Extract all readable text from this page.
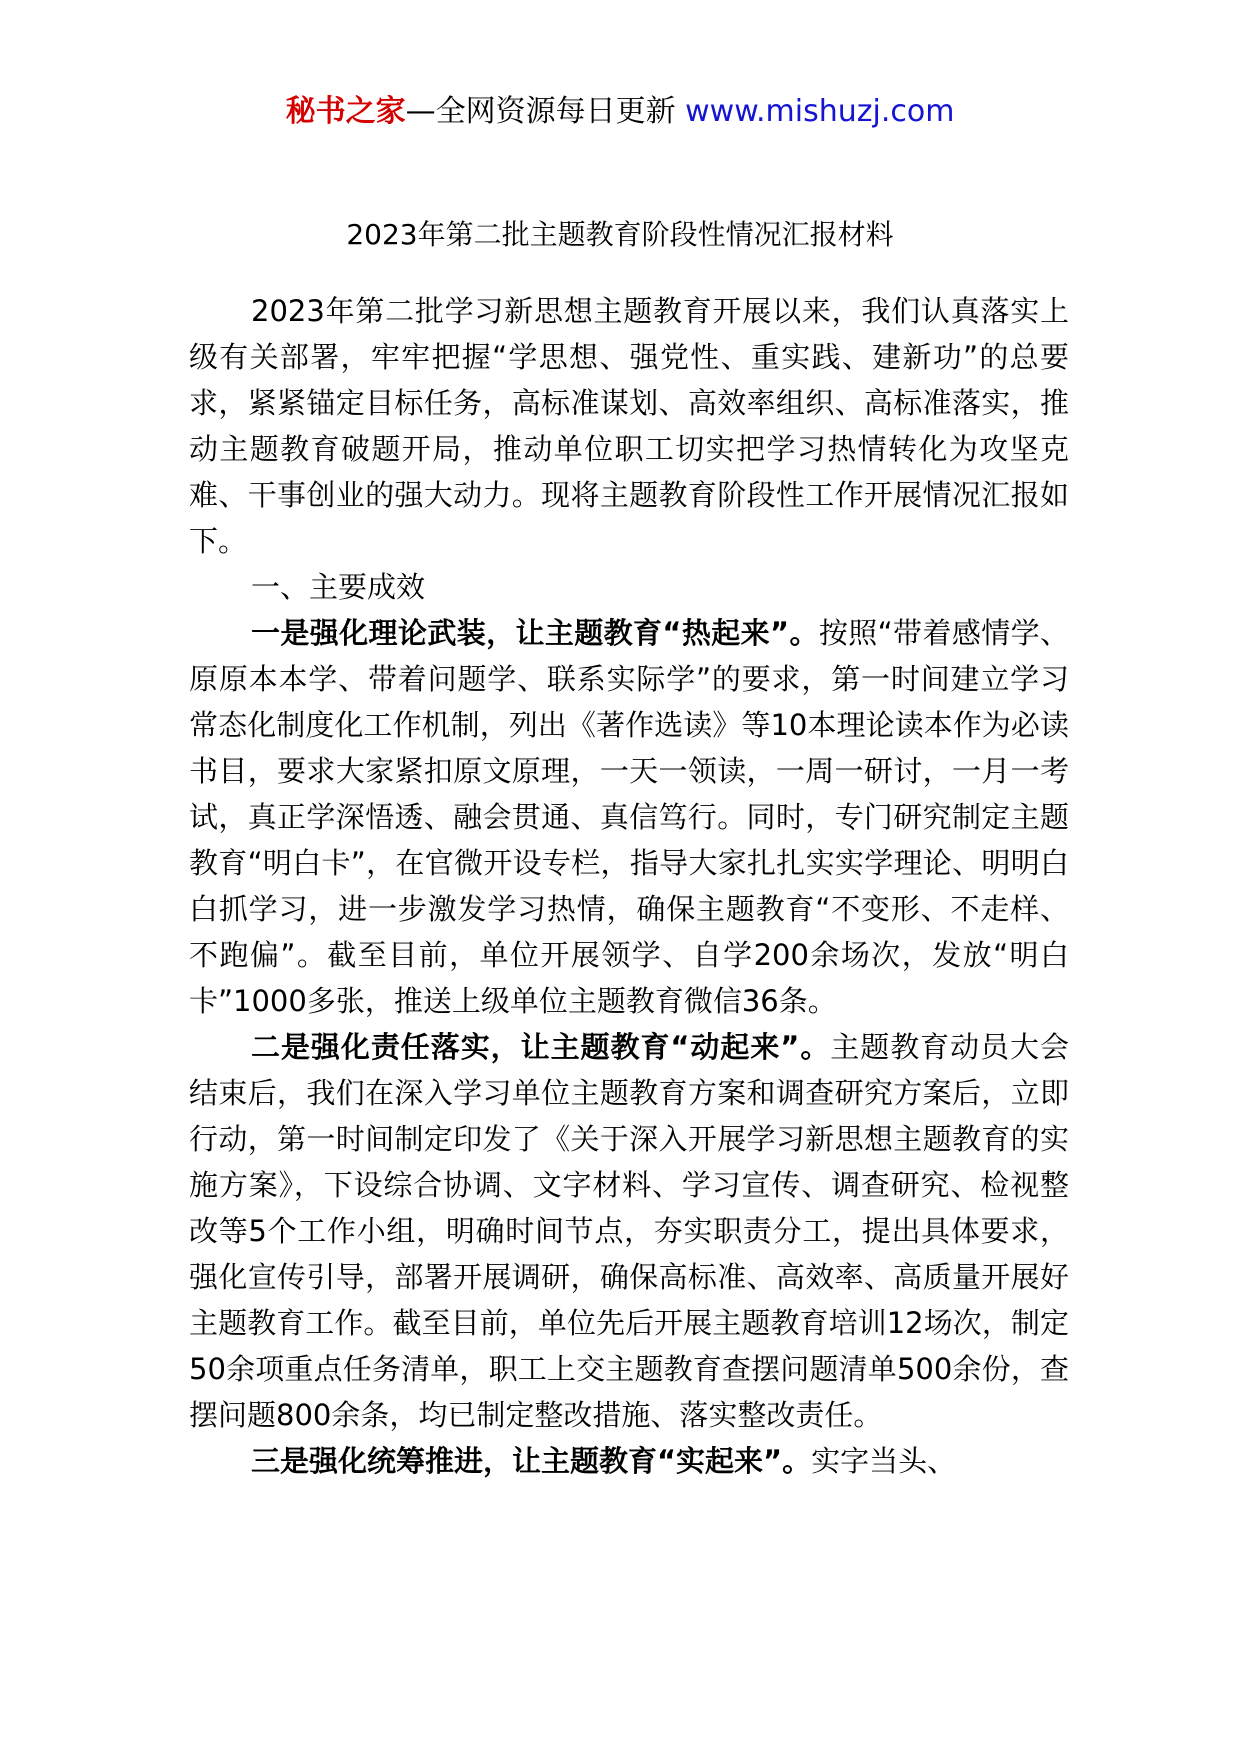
秘书之家—全网资源每日更新 www.mishuzj.com
2023年第二批主题教育阶段性情况汇报材料

2023年第二批学习新思想主题教育开展以来，我们认真落实上级有关部署，牢牢把握“学思想、强党性、重实践、建新功”的总要求，紧紧锚定目标任务，高标准谋划、高效率组织、高标准落实，推动主题教育破题开局，推动单位职工切实把学习热情转化为攻坚克难、干事创业的强大动力。现将主题教育阶段性工作开展情况汇报如下。

一、主要成效

一是强化理论武装，让主题教育“热起来”。按照“带着感情学、原原本本学、带着问题学、联系实际学”的要求，第一时间建立学习常态化制度化工作机制，列出《著作选读》等10本理论读本作为必读书目，要求大家紧扣原文原理，一天一领读，一周一研讨，一月一考试，真正学深悟透、融会贯通、真信笃行。同时，专门研究制定主题教育“明白卡”，在官微开设专栏，指导大家扎扎实实学理论、明明白白抓学习，进一步激发学习热情，确保主题教育“不变形、不走样、不跑偏”。截至目前，单位开展领学、自学200余场次，发放“明白卡”1000多张，推送上级单位主题教育微信36条。

二是强化责任落实，让主题教育“动起来”。主题教育动员大会结束后，我们在深入学习单位主题教育方案和调查研究方案后，立即行动，第一时间制定印发了《关于深入开展学习新思想主题教育的实施方案》，下设综合协调、文字材料、学习宣传、调查研究、检视整改等5个工作小组，明确时间节点，夯实职责分工，提出具体要求，强化宣传引导，部署开展调研，确保高标准、高效率、高质量开展好主题教育工作。截至目前，单位先后开展主题教育培训12场次，制定50余项重点任务清单，职工上交主题教育查摆问题清单500余份，查摆问题800余条，均已制定整改措施、落实整改责任。

三是强化统筹推进，让主题教育“实起来”。实字当头、
